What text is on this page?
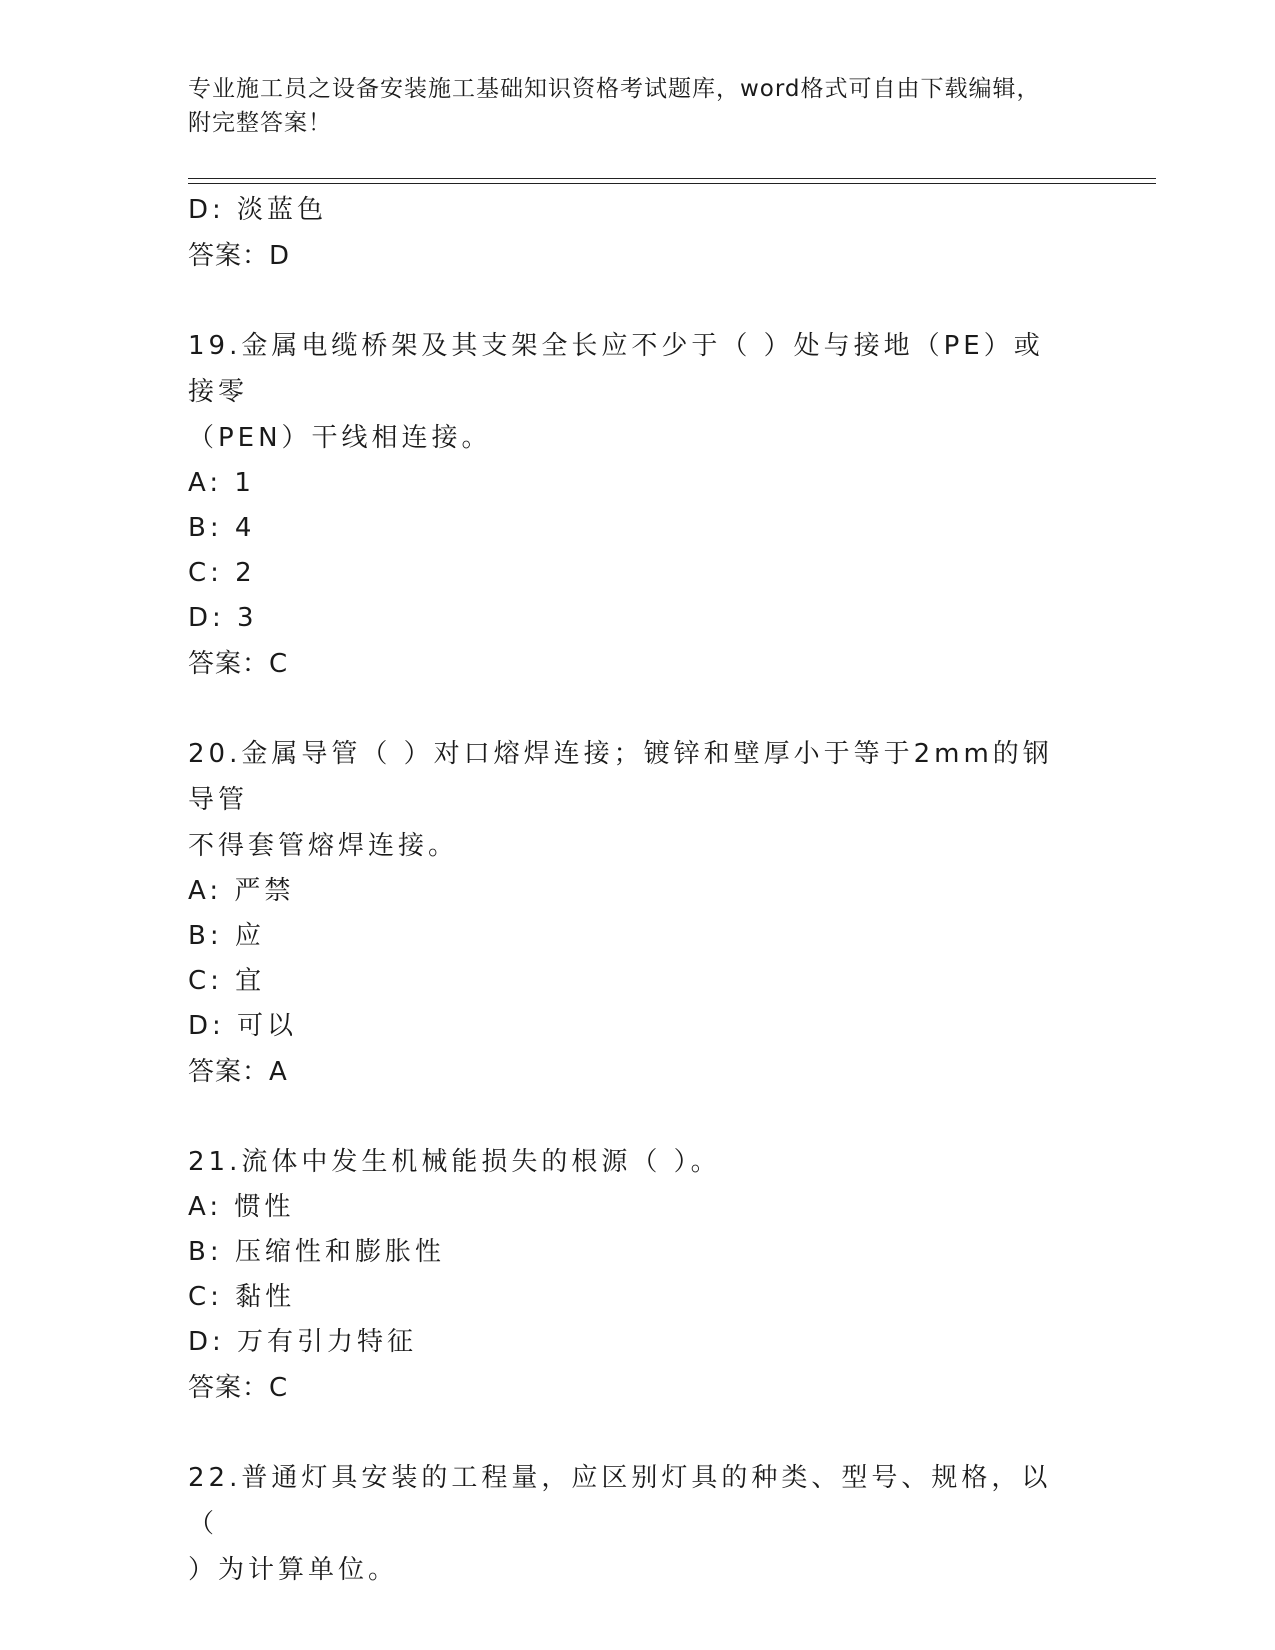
专业施工员之设备安装施工基础知识资格考试题库，word格式可自由下载编辑，
附完整答案！
D: 淡蓝色
答案：D
19.金属电缆桥架及其支架全长应不少于（ ）处与接地（PE）或接零
（PEN）干线相连接。
A: 1
B: 4
C: 2
D: 3
答案：C
20.金属导管（ ）对口熔焊连接；镀锌和壁厚小于等于2mm的钢导管
不得套管熔焊连接。
A: 严禁
B: 应
C: 宜
D: 可以
答案：A
21.流体中发生机械能损失的根源（ ）。
A: 惯性
B: 压缩性和膨胀性
C: 黏性
D: 万有引力特征
答案：C
22.普通灯具安装的工程量，应区别灯具的种类、型号、规格，以（
）为计算单位。
